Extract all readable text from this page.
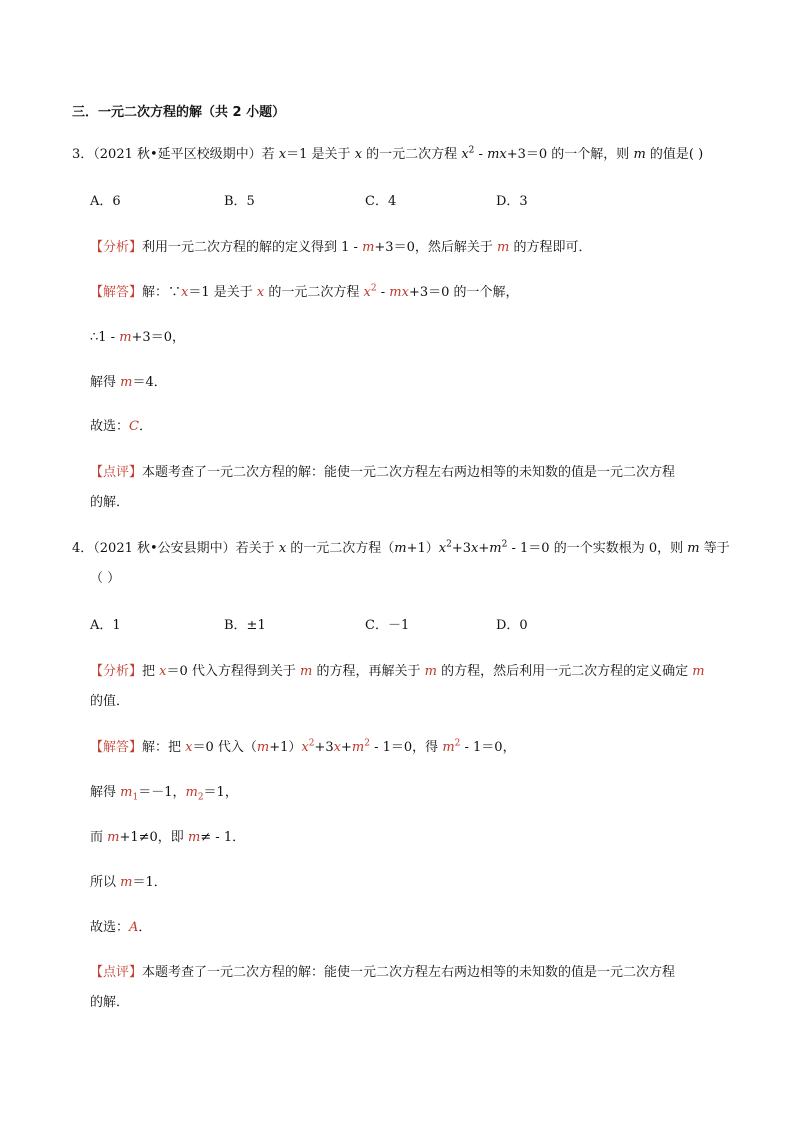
三．一元二次方程的解（共 2 小题）
3．（2021 秋•延平区校级期中）若 x＝1 是关于 x 的一元二次方程 $x^2 - mx+3=0$ 的一个解，则 m 的值是( )
A．6	B．5	C．4	D．3
【分析】利用一元二次方程的解的定义得到 1 - m+3＝0，然后解关于 m 的方程即可．
【解答】解：∵x＝1 是关于 x 的一元二次方程 $x^2 - mx+3=0$ 的一个解，
∴1 - m+3＝0，
解得 m＝4．
故选：C．
【点评】本题考查了一元二次方程的解：能使一元二次方程左右两边相等的未知数的值是一元二次方程
的解．
4．（2021 秋•公安县期中）若关于 x 的一元二次方程$(m+1)x^2+3x+m^2 - 1=0$ 的一个实数根为 0，则 m 等于
（ ）
A．1	B．±1	C．－1	D．0
【分析】把 x＝0 代入方程得到关于 m 的方程，再解关于 m 的方程，然后利用一元二次方程的定义确定 m
的值．
【解答】解：把 x＝0 代入$(m+1)x^2+3x+m^2 - 1=0$，得 $m^2 - 1=0$，
解得 $m_1=-1$，$m_2=1$，
而 m+1≠0，即 m≠ - 1．
所以 m＝1．
故选：A．
【点评】本题考查了一元二次方程的解：能使一元二次方程左右两边相等的未知数的值是一元二次方程
的解．
